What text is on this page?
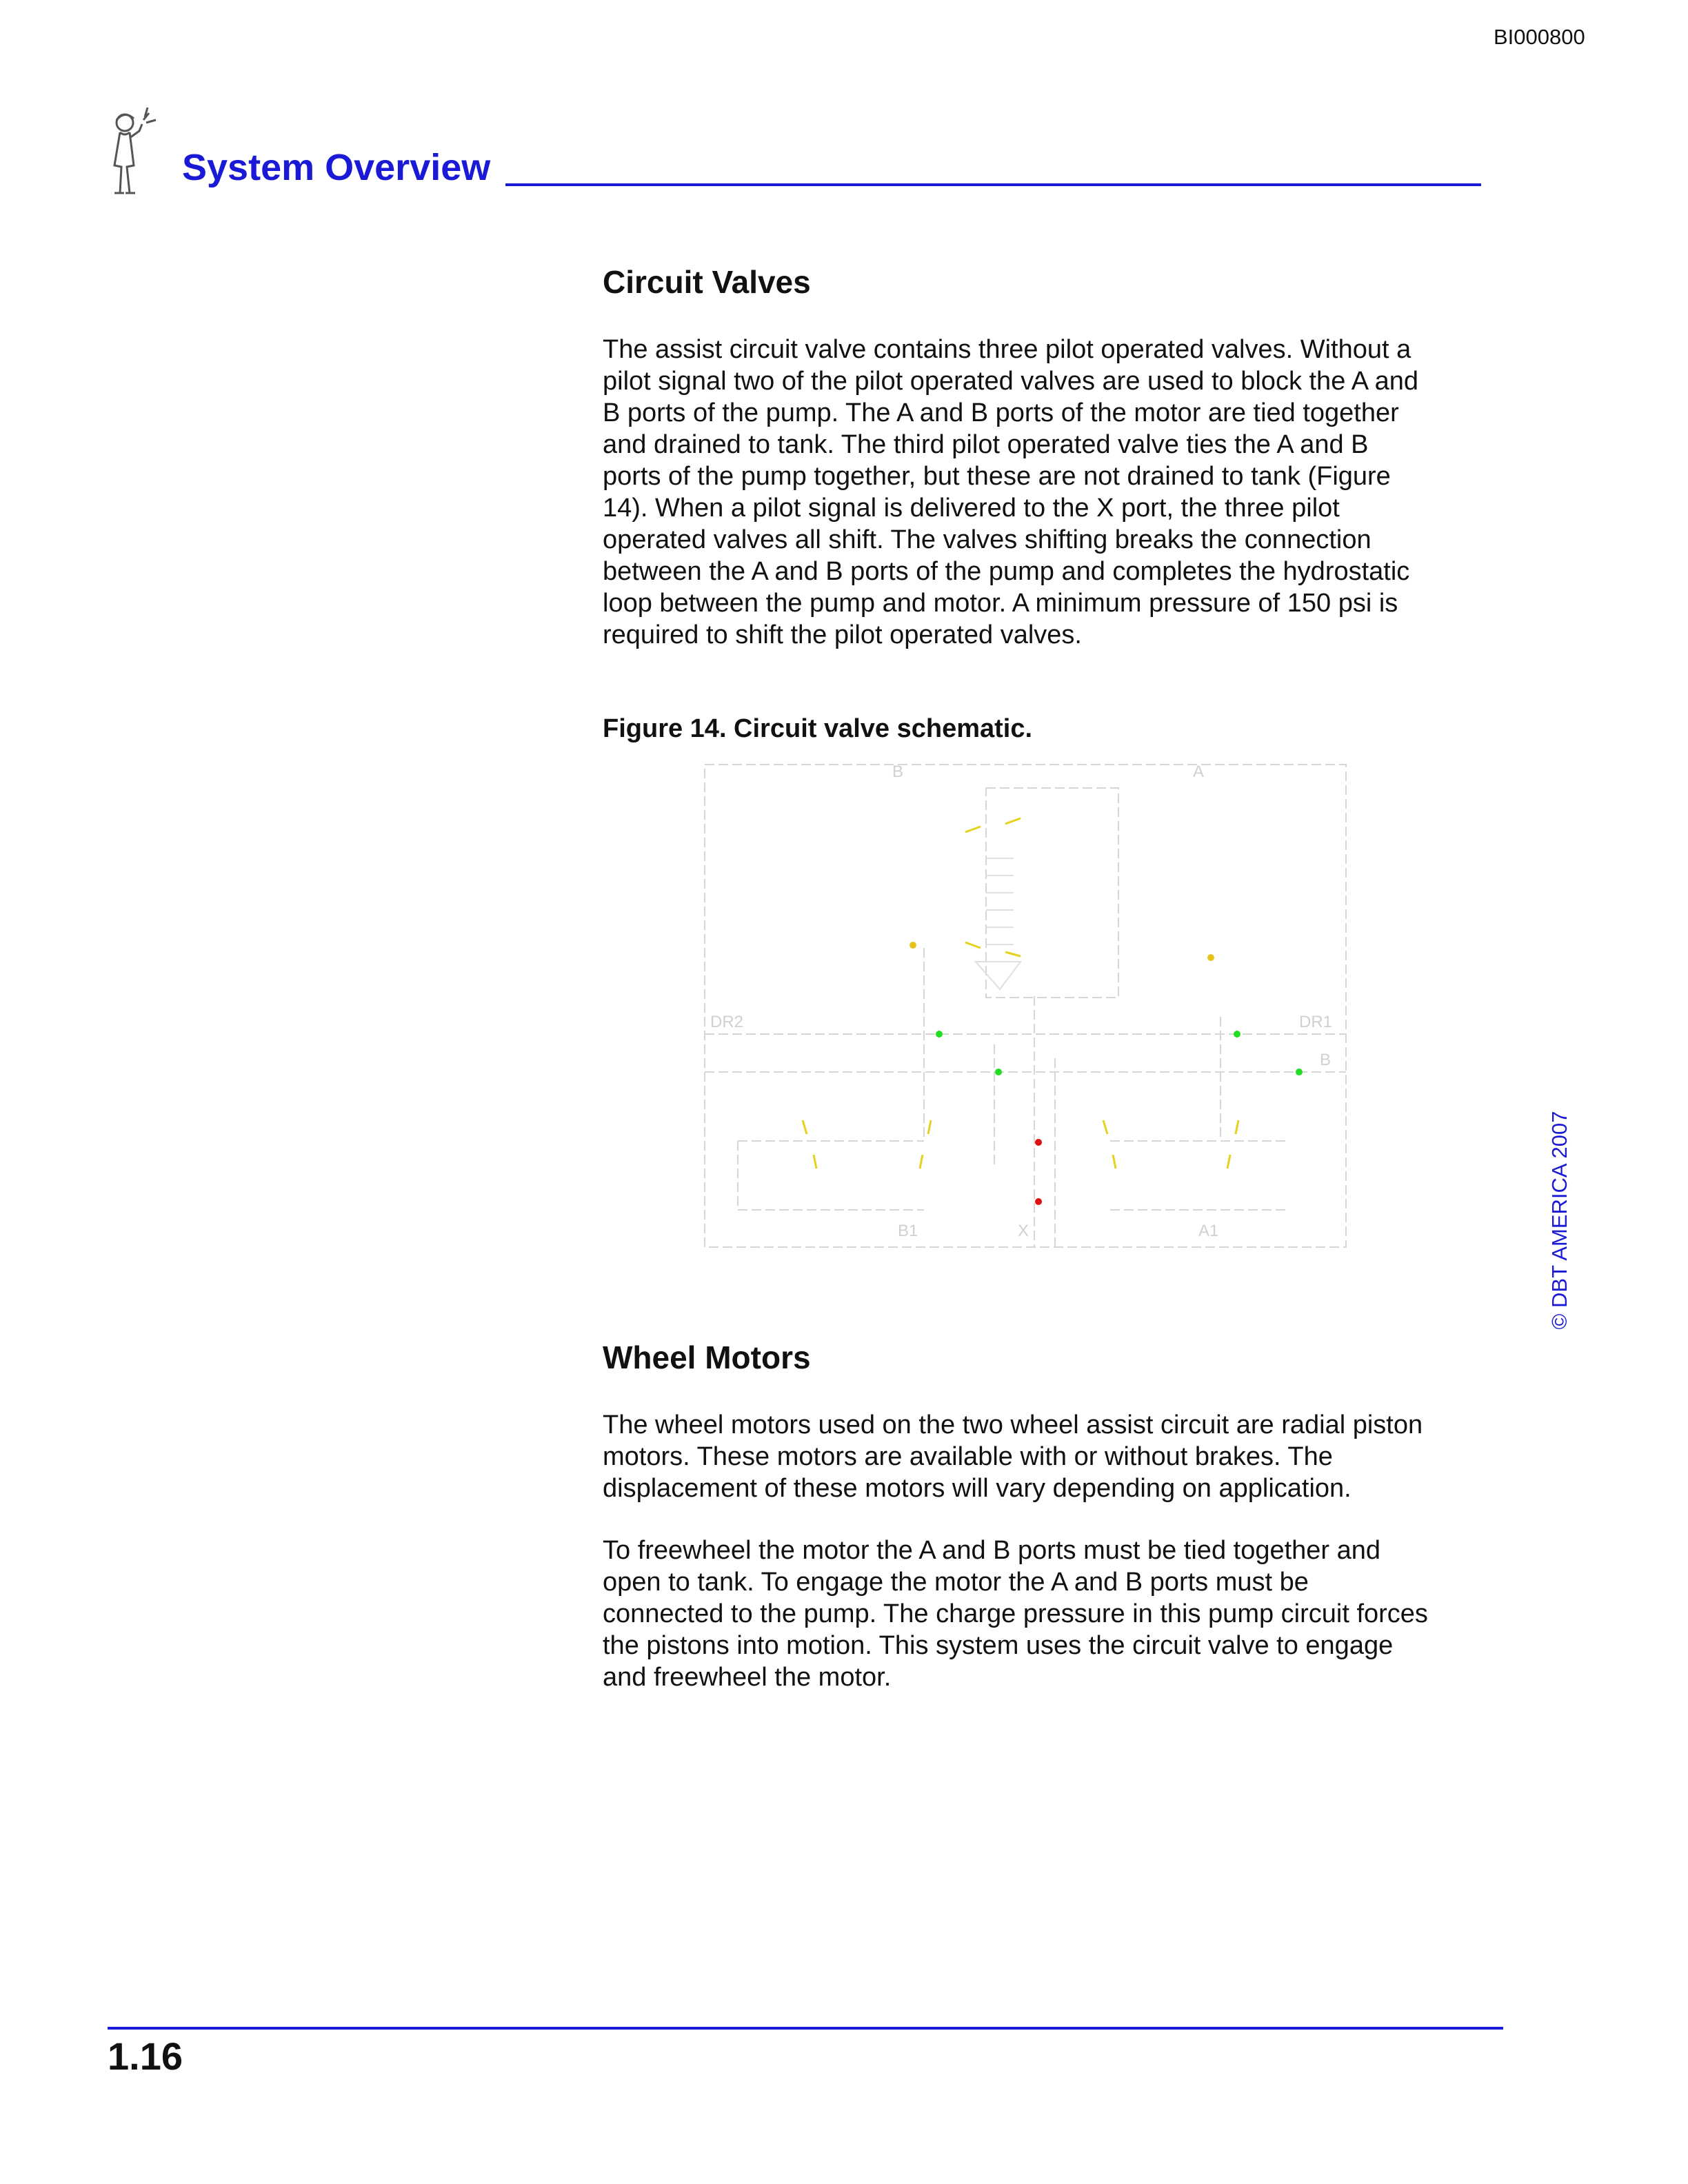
BI000800
System Overview
Circuit Valves
The assist circuit valve contains three pilot operated valves. Without a
pilot signal two of the pilot operated valves are used to block the A and
B ports of the pump. The A and B ports of the motor are tied together
and drained to tank. The third pilot operated valve ties the A and B
ports of the pump together, but these are not drained to tank (Figure
14). When a pilot signal is delivered to the X port, the three pilot
operated valves all shift. The valves shifting breaks the connection
between the A and B ports of the pump and completes the hydrostatic
loop between the pump and motor. A minimum pressure of 150 psi is
required to shift the pilot operated valves.
Figure 14. Circuit valve schematic.
B	A
DR2	DR1
B
B1	X	A1
Wheel Motors
The wheel motors used on the two wheel assist circuit are radial piston
motors. These motors are available with or without brakes. The
displacement of these motors will vary depending on application.
To freewheel the motor the A and B ports must be tied together and
open to tank. To engage the motor the A and B ports must be
connected to the pump. The charge pressure in this pump circuit forces
the pistons into motion. This system uses the circuit valve to engage
and freewheel the motor.
© DBT AMERICA 2007
1.16
